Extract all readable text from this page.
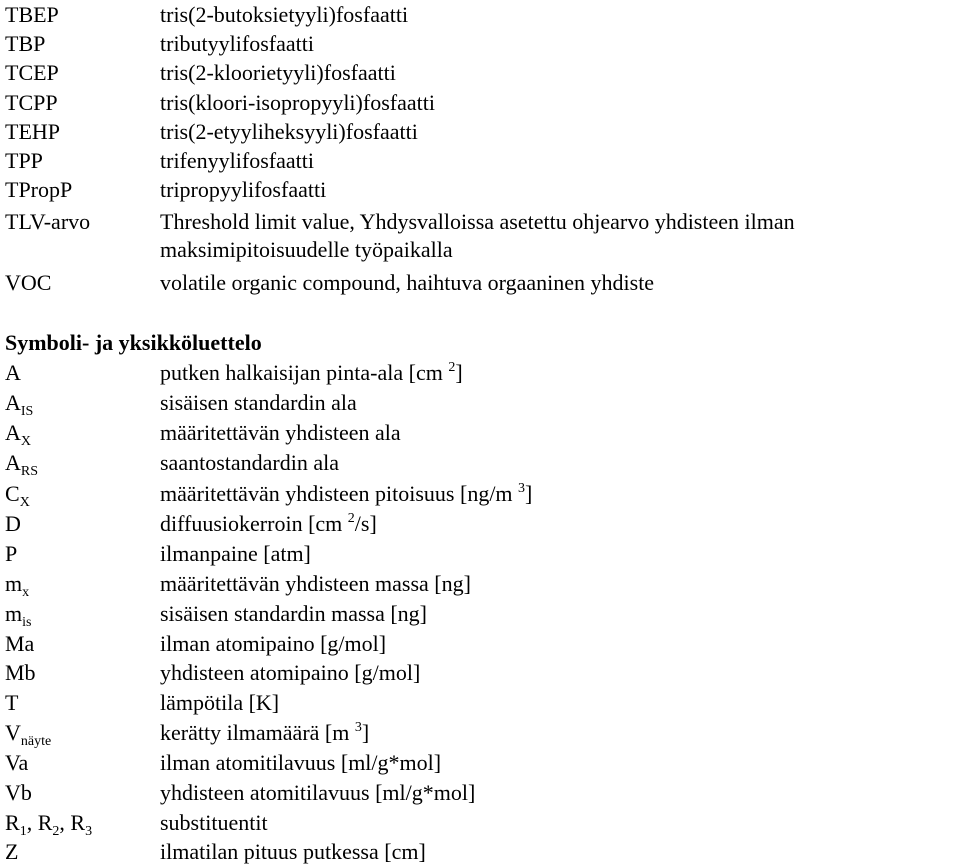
TBEP	tris(2-butoksietyyli)fosfaatti
TBP	tributyylifosfaatti
TCEP	tris(2-kloorietyyli)fosfaatti
TCPP	tris(kloori-isopropyyli)fosfaatti
TEHP	tris(2-etyyliheksyyli)fosfaatti
TPP	trifenyylifosfaatti
TPropP	tripropyylifosfaatti
TLV-arvo	Threshold limit value, Yhdysvalloissa asetettu ohjearvo yhdisteen ilman
maksimipitoisuudelle työpaikalla
VOC	volatile organic compound, haihtuva orgaaninen yhdiste
Symboli- ja yksikköluettelo
A	putken halkaisijan pinta-ala [cm $^2$]
$A_{IS}$	sisäisen standardin ala
$A_X$	määritettävän yhdisteen ala
$A_{RS}$	saantostandardin ala
$C_X$	määritettävän yhdisteen pitoisuus [ng/m $^3$]
D	diffuusiokerroin [cm $^2$/s]
P	ilmanpaine [atm]
$m_x$	määritettävän yhdisteen massa [ng]
$m_{is}$	sisäisen standardin massa [ng]
Ma	ilman atomipaino [g/mol]
Mb	yhdisteen atomipaino [g/mol]
T	lämpötila [K]
$V_{näyte}$	kerätty ilmamäärä [m $^3$]
Va	ilman atomitilavuus [ml/g*mol]
Vb	yhdisteen atomitilavuus [ml/g*mol]
$R_1$, $R_2$, $R_3$	substituentit
Z	ilmatilan pituus putkessa [cm]
